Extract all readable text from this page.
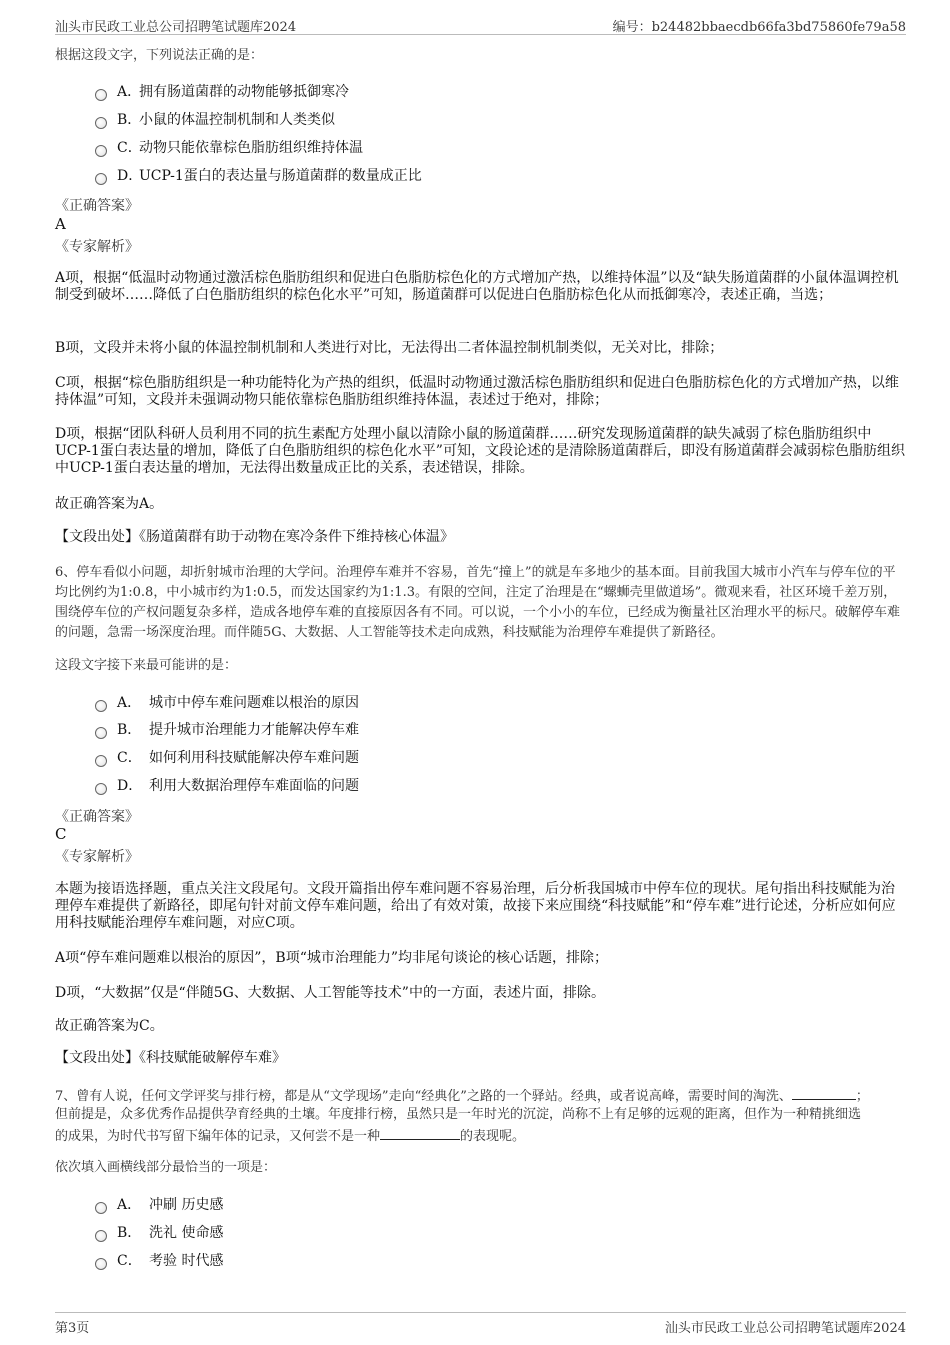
汕头市民政工业总公司招聘笔试题库2024	编号：b24482bbaecdb66fa3bd75860fe79a58
根据这段文字，下列说法正确的是：
A．
拥有肠道菌群的动物能够抵御寒冷
B．
小鼠的体温控制机制和人类类似
C．
动物只能依靠棕色脂肪组织维持体温
D．
UCP-1蛋白的表达量与肠道菌群的数量成正比
《正确答案》
A
《专家解析》
A项，根据“低温时动物通过激活棕色脂肪组织和促进白色脂肪棕色化的方式增加产热，以维持体温”以及“缺失肠道菌群的小鼠体温调控机制受到破坏……降低了白色脂肪组织的棕色化水平”可知，肠道菌群可以促进白色脂肪棕色化从而抵御寒冷，表述正确，当选；
B项，文段并未将小鼠的体温控制机制和人类进行对比，无法得出二者体温控制机制类似，无关对比，排除；
C项，根据“棕色脂肪组织是一种功能特化为产热的组织，低温时动物通过激活棕色脂肪组织和促进白色脂肪棕色化的方式增加产热，以维持体温”可知，文段并未强调动物只能依靠棕色脂肪组织维持体温，表述过于绝对，排除；
D项，根据“团队科研人员利用不同的抗生素配方处理小鼠以清除小鼠的肠道菌群……研究发现肠道菌群的缺失减弱了棕色脂肪组织中UCP-1蛋白表达量的增加，降低了白色脂肪组织的棕色化水平”可知，文段论述的是清除肠道菌群后，即没有肠道菌群会减弱棕色脂肪组织中UCP-1蛋白表达量的增加，无法得出数量成正比的关系，表述错误，排除。
故正确答案为A。
【文段出处】《肠道菌群有助于动物在寒冷条件下维持核心体温》
6、停车看似小问题，却折射城市治理的大学问。治理停车难并不容易，首先“撞上”的就是车多地少的基本面。目前我国大城市小汽车与停车位的平均比例约为1:0.8，中小城市约为1:0.5，而发达国家约为1:1.3。有限的空间，注定了治理是在“螺蛳壳里做道场”。微观来看，社区环境千差万别，围绕停车位的产权问题复杂多样，造成各地停车难的直接原因各有不同。可以说，一个小小的车位，已经成为衡量社区治理水平的标尺。破解停车难的问题，急需一场深度治理。而伴随5G、大数据、人工智能等技术走向成熟，科技赋能为治理停车难提供了新路径。
这段文字接下来最可能讲的是：
A． 城市中停车难问题难以根治的原因
B． 提升城市治理能力才能解决停车难
C． 如何利用科技赋能解决停车难问题
D． 利用大数据治理停车难面临的问题
《正确答案》
C
《专家解析》
本题为接语选择题，重点关注文段尾句。文段开篇指出停车难问题不容易治理，后分析我国城市中停车位的现状。尾句指出科技赋能为治理停车难提供了新路径，即尾句针对前文停车难问题，给出了有效对策，故接下来应围绕“科技赋能”和“停车难”进行论述，分析应如何应用科技赋能治理停车难问题，对应C项。
A项“停车难问题难以根治的原因”，B项“城市治理能力”均非尾句谈论的核心话题，排除；
D项，“大数据”仅是“伴随5G、大数据、人工智能等技术”中的一方面，表述片面，排除。
故正确答案为C。
【文段出处】《科技赋能破解停车难》
7、曾有人说，任何文学评奖与排行榜，都是从“文学现场”走向“经典化”之路的一个驿站。经典，或者说高峰，需要时间的淘洗、	；
但前提是，众多优秀作品提供孕育经典的土壤。年度排行榜，虽然只是一年时光的沉淀，尚称不上有足够的远观的距离，但作为一种精挑细选
的成果，为时代书写留下编年体的记录，又何尝不是一种	的表现呢。
依次填入画横线部分最恰当的一项是：
A． 冲刷 历史感
B． 洗礼 使命感
C． 考验 时代感
第3页	汕头市民政工业总公司招聘笔试题库2024
